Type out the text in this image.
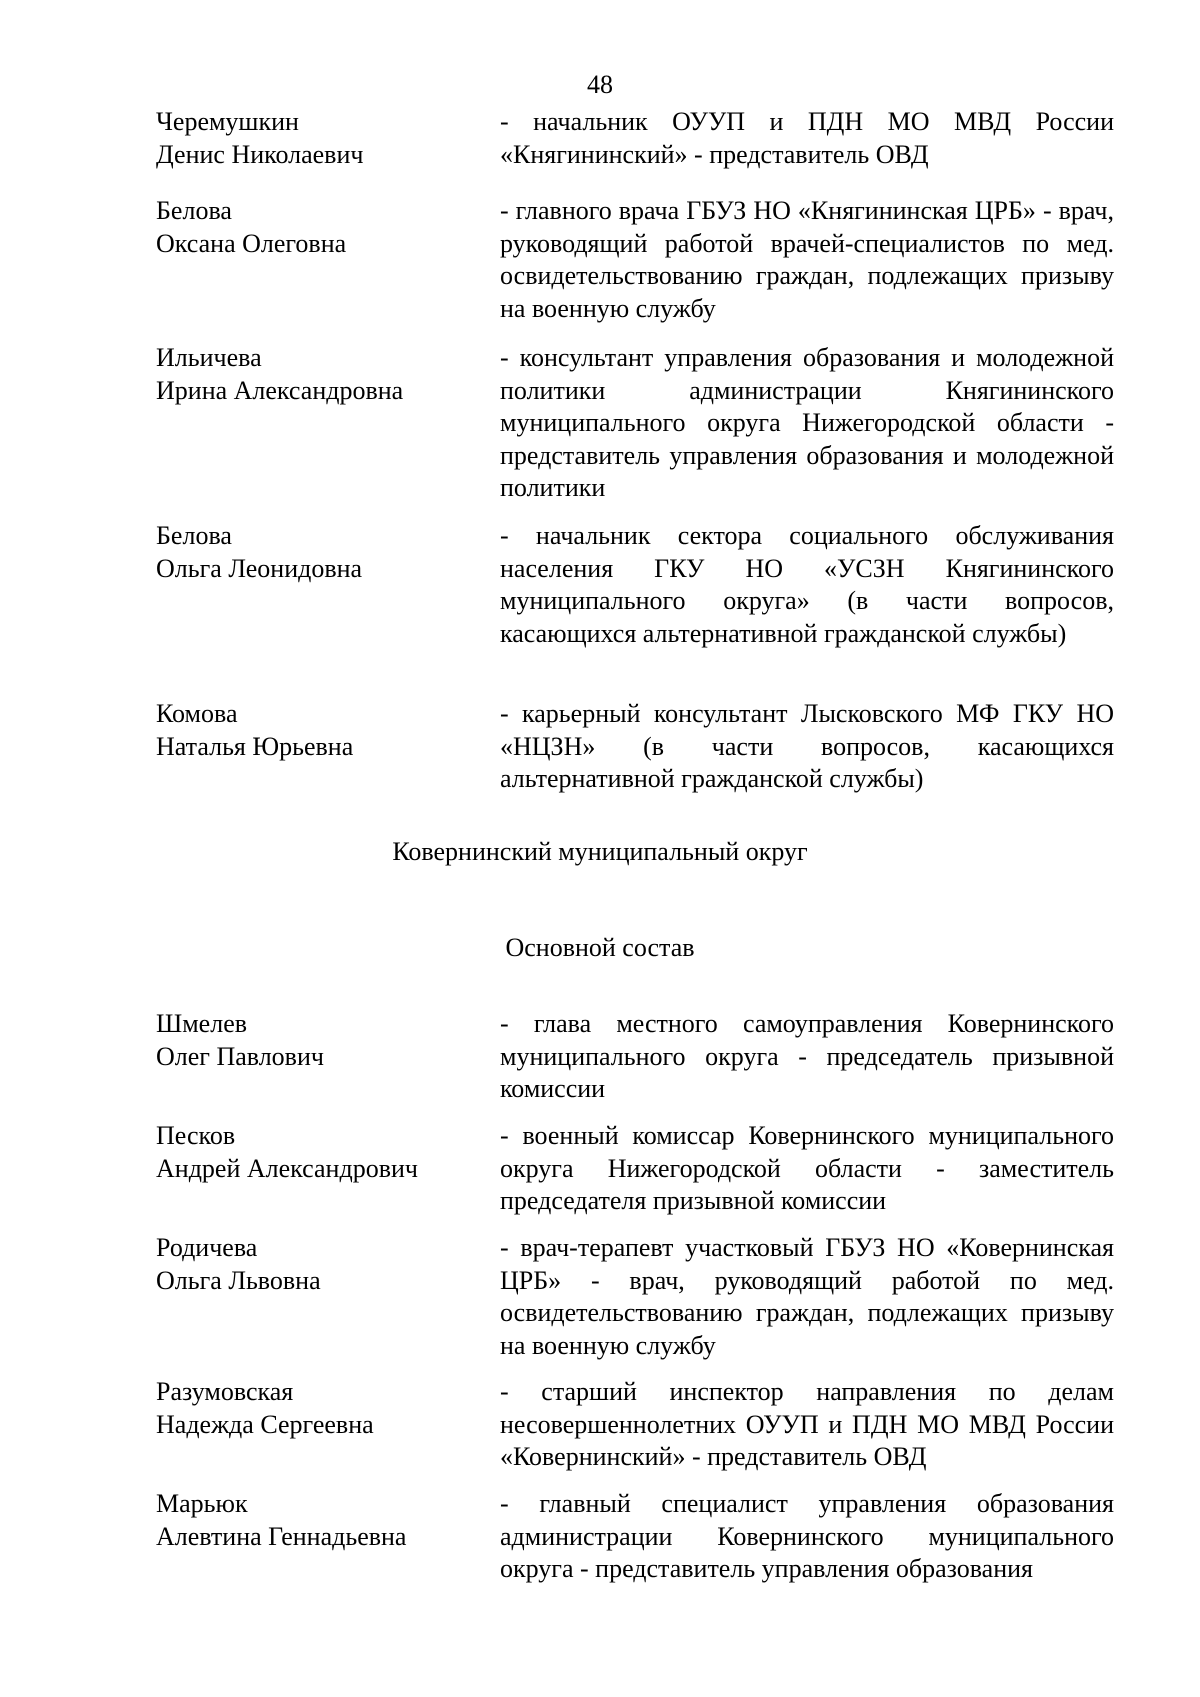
48
Черемушкин
Денис Николаевич
- начальник ОУУП и ПДН МО МВД России «Княгининский» - представитель ОВД
Белова
Оксана Олеговна
- главного врача ГБУЗ НО «Княгининская ЦРБ» - врач, руководящий работой врачей-специалистов по мед. освидетельствованию граждан, подлежащих призыву на военную службу
Ильичева
Ирина Александровна
- консультант управления образования и молодежной политики администрации Княгининского муниципального округа Нижегородской области - представитель управления образования и молодежной политики
Белова
Ольга Леонидовна
- начальник сектора социального обслуживания населения ГКУ НО «УСЗН Княгининского муниципального округа» (в части вопросов, касающихся альтернативной гражданской службы)
Комова
Наталья Юрьевна
- карьерный консультант Лысковского МФ ГКУ НО «НЦЗН» (в части вопросов, касающихся альтернативной гражданской службы)
Ковернинский муниципальный округ
Основной состав
Шмелев
Олег Павлович
- глава местного самоуправления Ковернинского муниципального округа - председатель призывной комиссии
Песков
Андрей Александрович
- военный комиссар Ковернинского муниципального округа Нижегородской области - заместитель председателя призывной комиссии
Родичева
Ольга Львовна
- врач-терапевт участковый ГБУЗ НО «Ковернинская ЦРБ» - врач, руководящий работой по мед. освидетельствованию граждан, подлежащих призыву на военную службу
Разумовская
Надежда Сергеевна
- старший инспектор направления по делам несовершеннолетних ОУУП и ПДН МО МВД России «Ковернинский» - представитель ОВД
Марьюк
Алевтина Геннадьевна
- главный специалист управления образования администрации Ковернинского муниципального округа - представитель управления образования
